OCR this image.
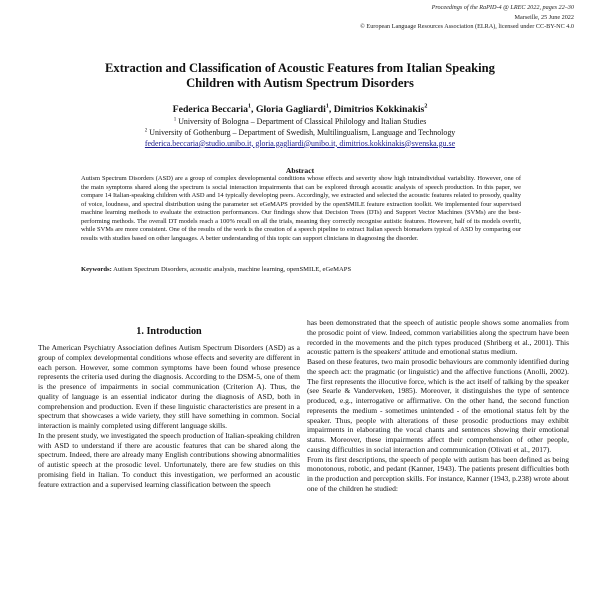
Proceedings of the RaPID-4 @ LREC 2022, pages 22–30
Marseille, 25 June 2022
© European Language Resources Association (ELRA), licensed under CC-BY-NC 4.0
Extraction and Classification of Acoustic Features from Italian Speaking
Children with Autism Spectrum Disorders
Federica Beccaria$^1$, Gloria Gagliardi$^1$, Dimitrios Kokkinakis$^2$
$^1$ University of Bologna – Department of Classical Philology and Italian Studies
$^2$ University of Gothenburg – Department of Swedish, Multilingualism, Language and Technology
federica.beccaria@studio.unibo.it, gloria.gagliardi@unibo.it, dimitrios.kokkinakis@svenska.gu.se
Abstract
Autism Spectrum Disorders (ASD) are a group of complex developmental conditions whose effects and severity show high intraindividual variability. However, one of the main symptoms shared along the spectrum is social interaction impairments that can be explored through acoustic analysis of speech production. In this paper, we compare 14 Italian-speaking children with ASD and 14 typically developing peers. Accordingly, we extracted and selected the acoustic features related to prosody, quality of voice, loudness, and spectral distribution using the parameter set eGeMAPS provided by the openSMILE feature extraction toolkit. We implemented four supervised machine learning methods to evaluate the extraction performances. Our findings show that Decision Trees (DTs) and Support Vector Machines (SVMs) are the best-performing methods. The overall DT models reach a 100% recall on all the trials, meaning they correctly recognise autistic features. However, half of its models overfit, while SVMs are more consistent. One of the results of the work is the creation of a speech pipeline to extract Italian speech biomarkers typical of ASD by comparing our results with studies based on other languages. A better understanding of this topic can support clinicians in diagnosing the disorder.
Keywords: Autism Spectrum Disorders, acoustic analysis, machine learning, openSMILE, eGeMAPS
1. Introduction

The American Psychiatry Association defines Autism Spectrum Disorders (ASD) as a group of complex developmental conditions whose effects and severity are different in each person. However, some common symptoms have been found whose presence represents the criteria used during the diagnosis. According to the DSM-5, one of them is the presence of impairments in social communication (Criterion A). Thus, the quality of language is an essential indicator during the diagnosis of ASD, both in comprehension and production. Even if these linguistic characteristics are present in a spectrum that showcases a wide variety, they still have something in common. Social interaction is mainly completed using different language skills.

In the present study, we investigated the speech production of Italian-speaking children with ASD to understand if there are acoustic features that can be shared along the spectrum. Indeed, there are already many English contributions showing abnormalities of autistic speech at the prosodic level. Unfortunately, there are few studies on this promising field in Italian. To conduct this investigation, we performed an acoustic feature extraction and a supervised learning classification between the speech

has been demonstrated that the speech of autistic people shows some anomalies from the prosodic point of view. Indeed, common variabilities along the spectrum have been recorded in the movements and the pitch types produced (Shriberg et al., 2001). This acoustic pattern is the speakers' attitude and emotional status medium.

Based on these features, two main prosodic behaviours are commonly identified during the speech act: the pragmatic (or linguistic) and the affective functions (Anolli, 2002). The first represents the illocutive force, which is the act itself of talking by the speaker (see Searle & Vanderveken, 1985). Moreover, it distinguishes the type of sentence produced, e.g., interrogative or affirmative. On the other hand, the second function represents the medium - sometimes unintended - of the emotional status felt by the speaker. Thus, people with alterations of these prosodic productions may exhibit impairments in elaborating the vocal chants and sentences showing their emotional status. Moreover, these impairments affect their comprehension of other people, causing difficulties in social interaction and communication (Olivati et al., 2017).

From its first descriptions, the speech of people with autism has been defined as being monotonous, robotic, and pedant (Kanner, 1943). The patients present difficulties both in the production and perception skills. For instance, Kanner (1943, p.238) wrote about one of the children he studied:
